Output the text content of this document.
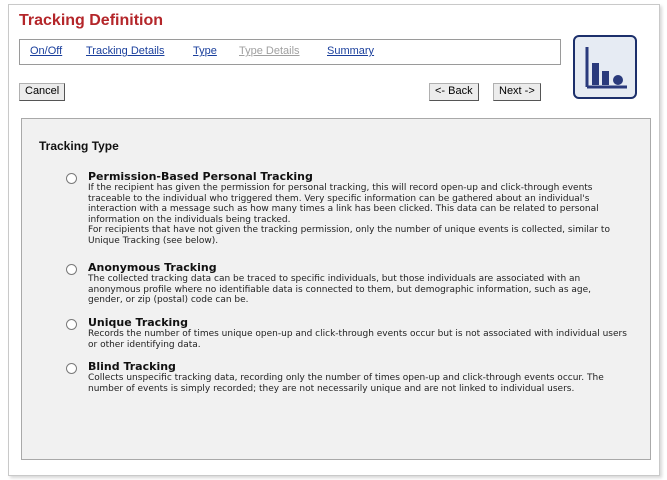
Tracking Definition
On/Off Tracking Details	Type Type Details Summary
Cancel	<- Back	Next ->
Tracking Type
Permission-Based Personal Tracking
If the recipient has given the permission for personal tracking, this will record open-up and click-through events traceable to the individual who triggered them. Very specific information can be gathered about an individual's interaction with a message such as how many times a link has been clicked. This data can be related to personal information on the individuals being tracked.
For recipients that have not given the tracking permission, only the number of unique events is collected, similar to Unique Tracking (see below).
Anonymous Tracking
The collected tracking data can be traced to specific individuals, but those individuals are associated with an anonymous profile where no identifiable data is connected to them, but demographic information, such as age, gender, or zip (postal) code can be.
Unique Tracking
Records the number of times unique open-up and click-through events occur but is not associated with individual users or other identifying data.
Blind Tracking
Collects unspecific tracking data, recording only the number of times open-up and click-through events occur. The number of events is simply recorded; they are not necessarily unique and are not linked to individual users.
